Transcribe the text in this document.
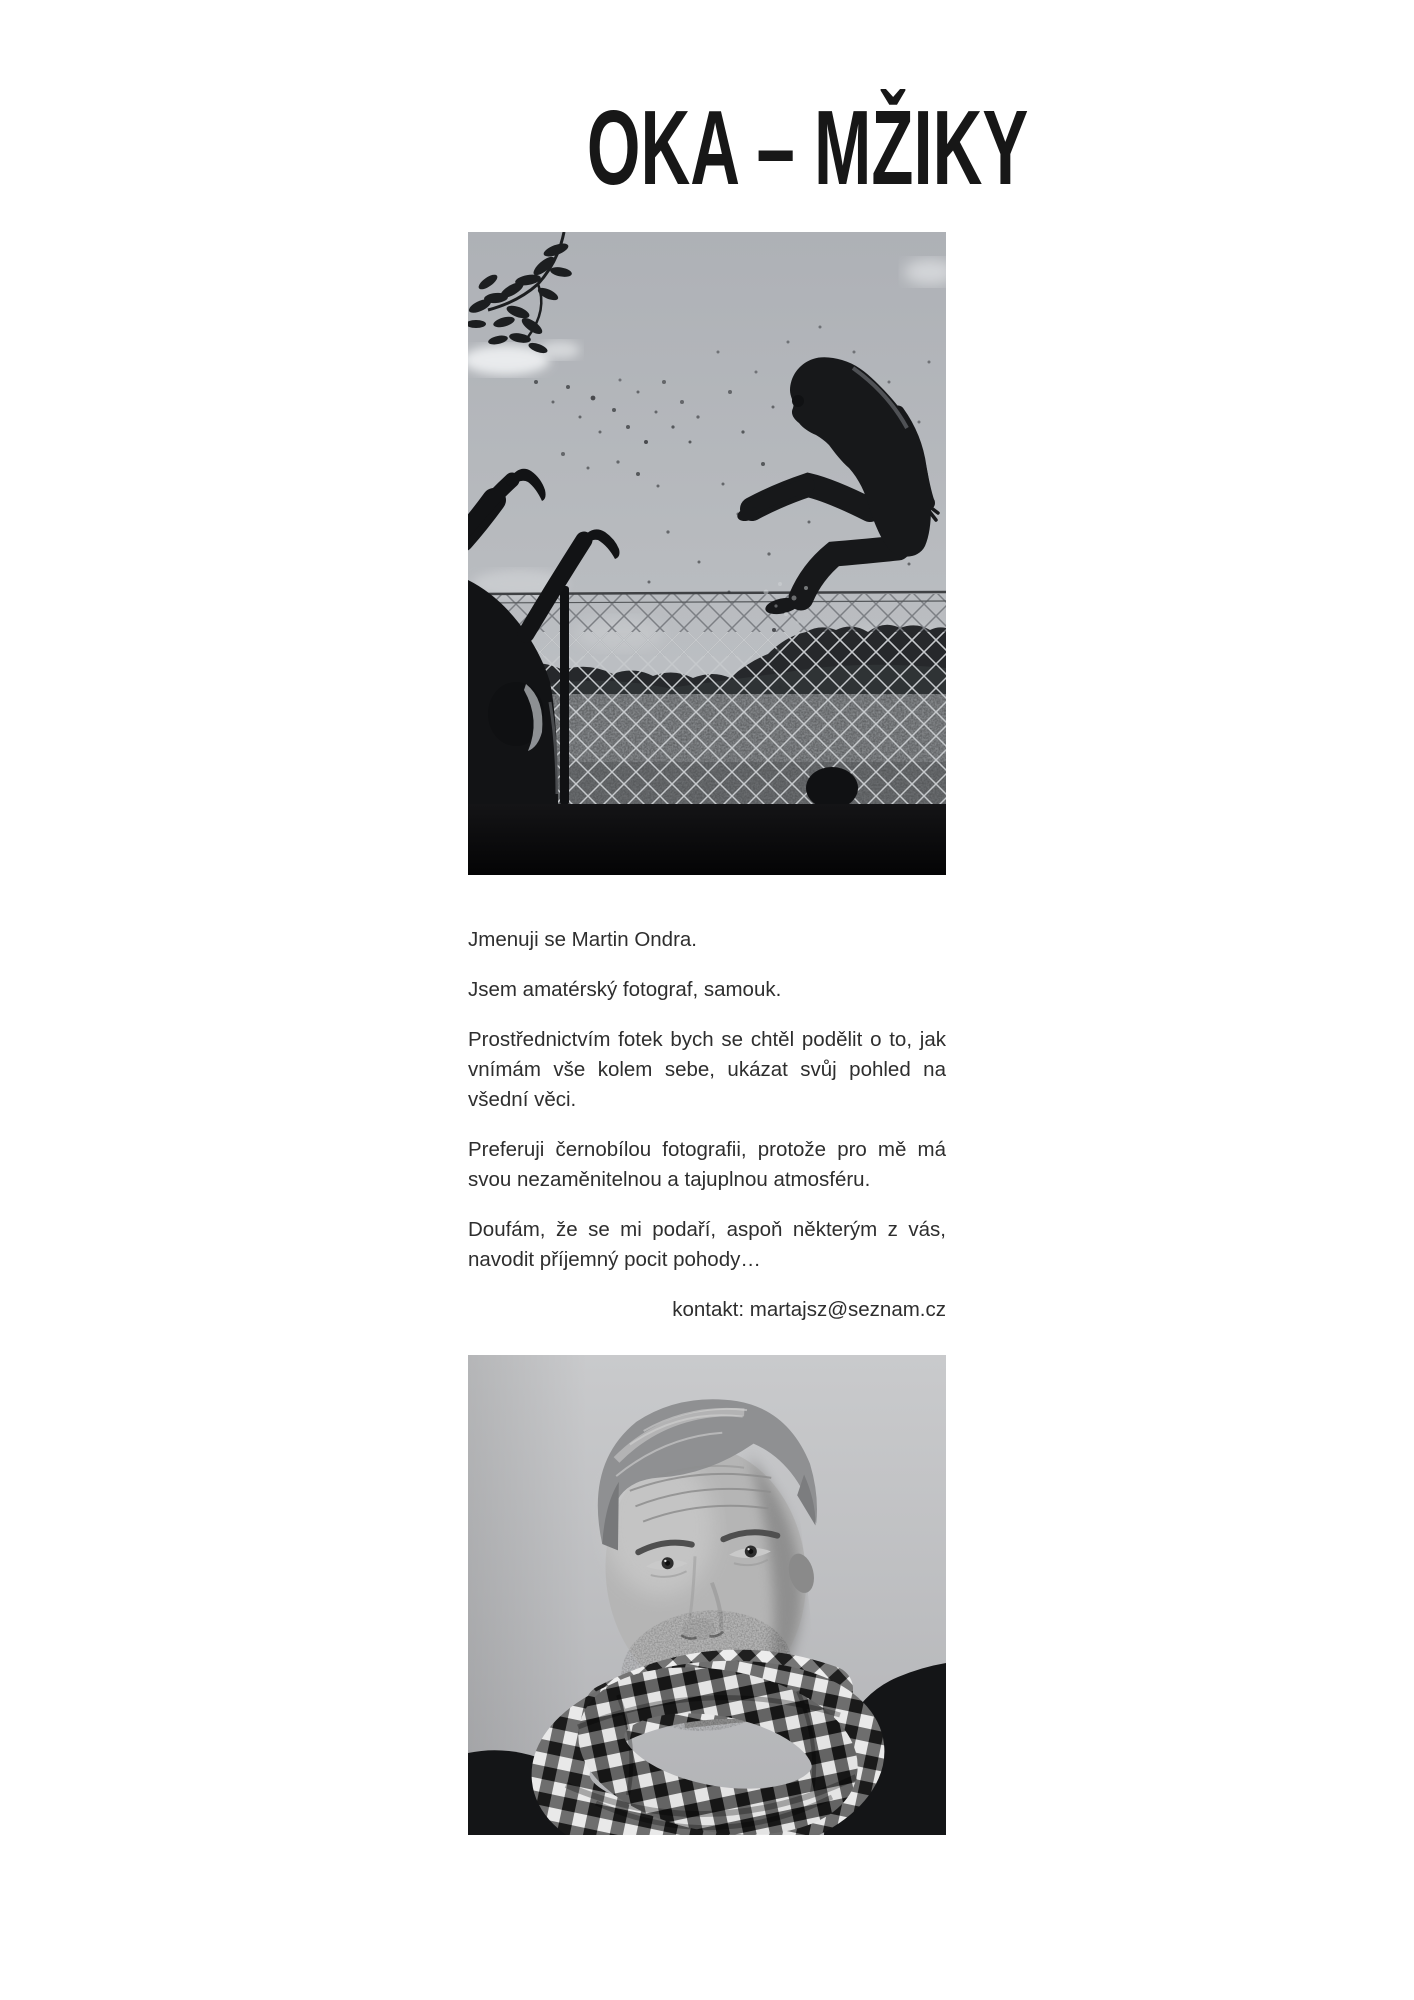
OKA – MŽIKY

Jmenuji se Martin Ondra.

Jsem amatérský fotograf, samouk.

Prostřednictvím fotek bych se chtěl podělit o to, jak vnímám vše kolem sebe, ukázat svůj pohled na všední věci.

Preferuji černobílou fotografii, protože pro mě má svou nezaměnitelnou a tajuplnou atmosféru.

Doufám, že se mi podaří, aspoň některým z vás, navodit příjemný pocit pohody…

kontakt: martajsz@seznam.cz
